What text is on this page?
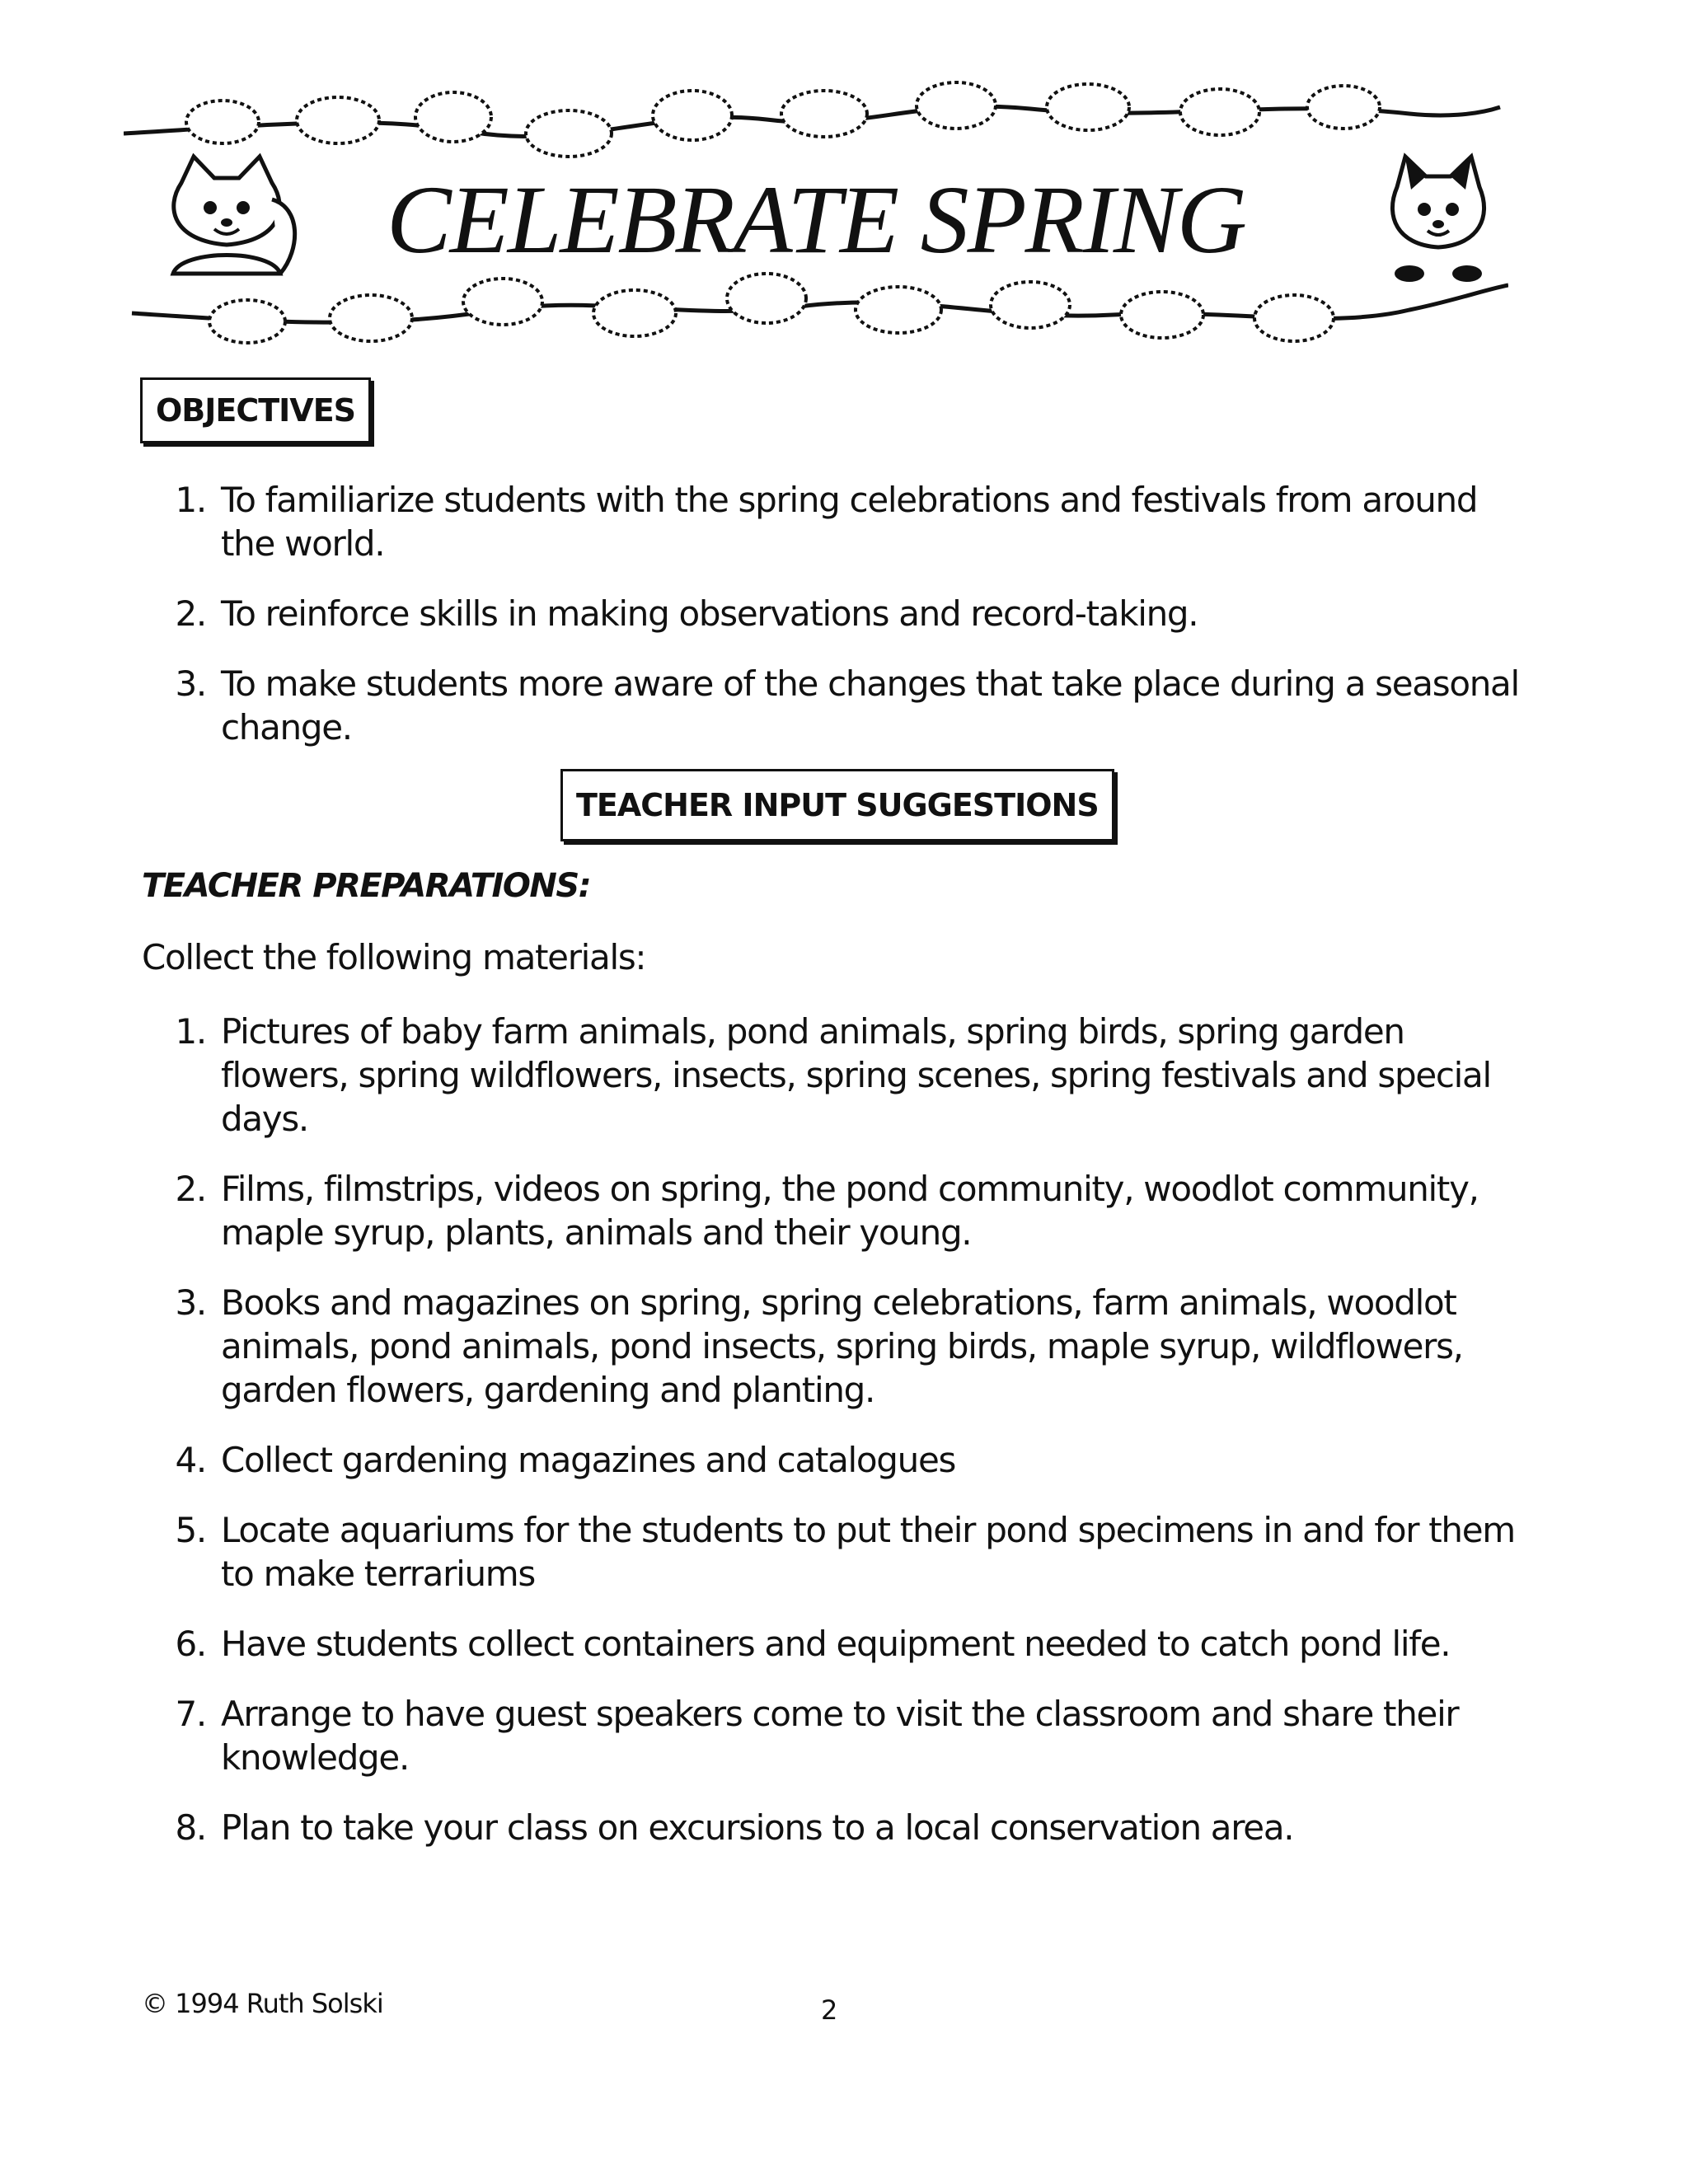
CELEBRATE SPRING
OBJECTIVES
1. To familiarize students with the spring celebrations and festivals from around the world.
2. To reinforce skills in making observations and record-taking.
3. To make students more aware of the changes that take place during a seasonal change.
TEACHER INPUT SUGGESTIONS
TEACHER PREPARATIONS:
Collect the following materials:
1. Pictures of baby farm animals, pond animals, spring birds, spring garden flowers, spring wildflowers, insects, spring scenes, spring festivals and special days.
2. Films, filmstrips, videos on spring, the pond community, woodlot community, maple syrup, plants, animals and their young.
3. Books and magazines on spring, spring celebrations, farm animals, woodlot animals, pond animals, pond insects, spring birds, maple syrup, wildflowers, garden flowers, gardening and planting.
4. Collect gardening magazines and catalogues
5. Locate aquariums for the students to put their pond specimens in and for them to make terrariums
6. Have students collect containers and equipment needed to catch pond life.
7. Arrange to have guest speakers come to visit the classroom and share their knowledge.
8. Plan to take your class on excursions to a local conservation area.
© 1994 Ruth Solski	2
